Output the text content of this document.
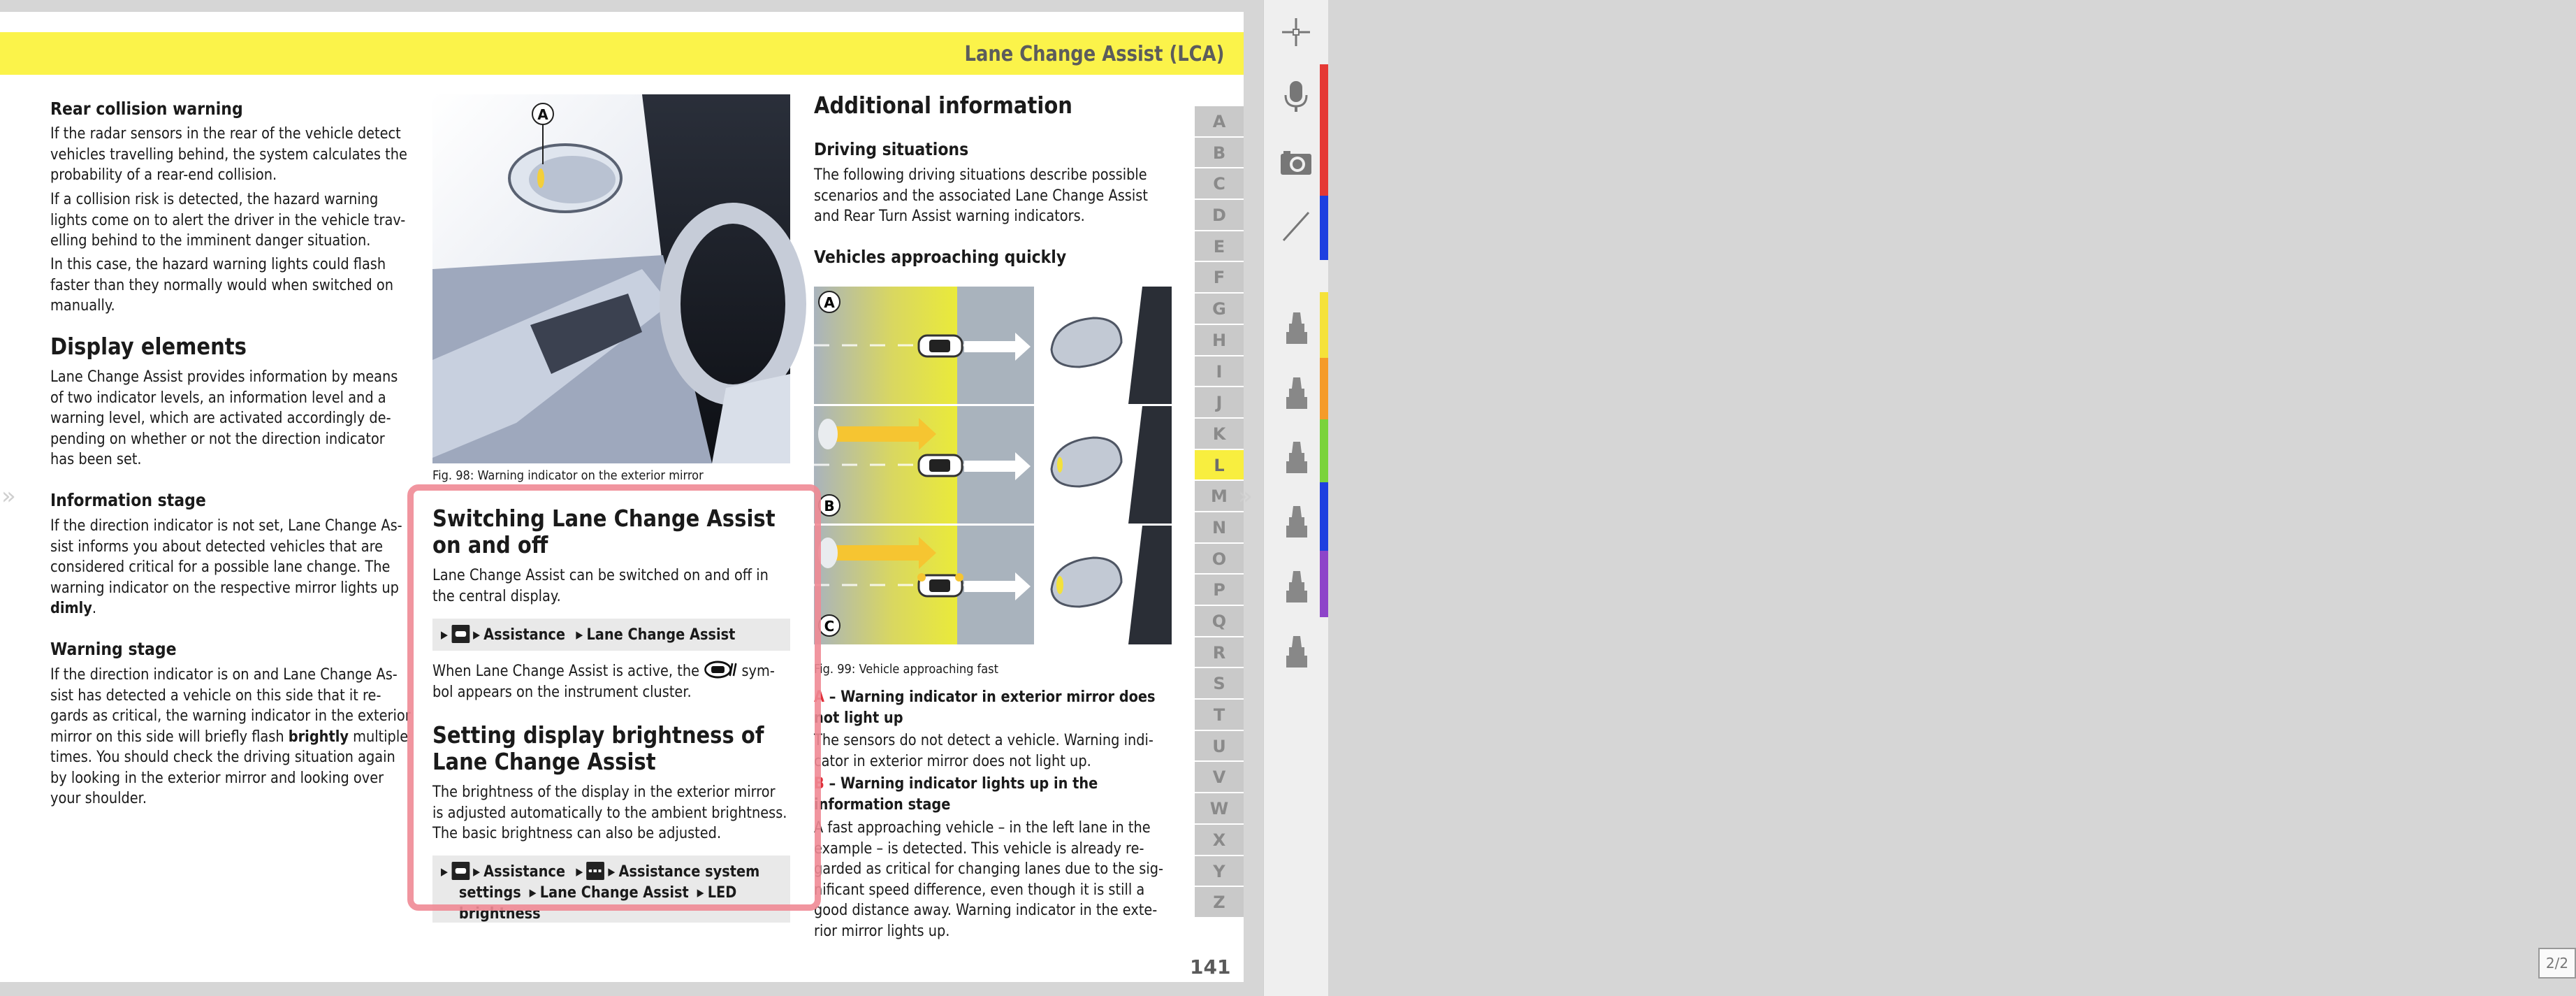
Lane Change Assist (LCA)
Rear collision warning

If the radar sensors in the rear of the vehicle detect vehicles travelling behind, the system calculates the probability of a rear-end collision.

If a collision risk is detected, the hazard warning lights come on to alert the driver in the vehicle trav-elling behind to the imminent danger situation.

In this case, the hazard warning lights could flash faster than they normally would when switched on manually.

Display elements

Lane Change Assist provides information by means of two indicator levels, an information level and a warning level, which are activated accordingly de-pending on whether or not the direction indicator has been set.

Information stage

If the direction indicator is not set, Lane Change As-sist informs you about detected vehicles that are considered critical for a possible lane change. The warning indicator on the respective mirror lights up dimly.

Warning stage

If the direction indicator is on and Lane Change As-sist has detected a vehicle on this side that it re-gards as critical, the warning indicator in the exterior mirror on this side will briefly flash brightly multiple times. You should check the driving situation again by looking in the exterior mirror and looking over your shoulder.

A
Fig. 98: Warning indicator on the exterior mirror
Switching Lane Change Assist on and off

Lane Change Assist can be switched on and off in the central display.

▶ ▶ Assistance ▶ Lane Change Assist

When Lane Change Assist is active, the	sym-bol appears on the instrument cluster.

Setting display brightness of Lane Change Assist

The brightness of the display in the exterior mirror is adjusted automatically to the ambient brightness. The basic brightness can also be adjusted.

▶ ▶ Assistance ▶ ▶ Assistance system settings ▶ Lane Change Assist ▶ LED brightness
Additional information
Driving situations

The following driving situations describe possible scenarios and the associated Lane Change Assist and Rear Turn Assist warning indicators.

Vehicles approaching quickly
A
B
C
Fig. 99: Vehicle approaching fast

A – Warning indicator in exterior mirror does not light up

The sensors do not detect a vehicle. Warning indi-cator in exterior mirror does not light up.

B – Warning indicator lights up in the information stage

A fast approaching vehicle – in the left lane in the example – is detected. This vehicle is already re-garded as critical for changing lanes due to the sig-nificant speed difference, even though it is still a good distance away. Warning indicator in the exte-rior mirror lights up.

A
B
C
D
E
F
G
H
I
J
K
L
M
N
O
P
Q
R
S
T
U
V
W
X
Y
Z
141
»	»
2/2
